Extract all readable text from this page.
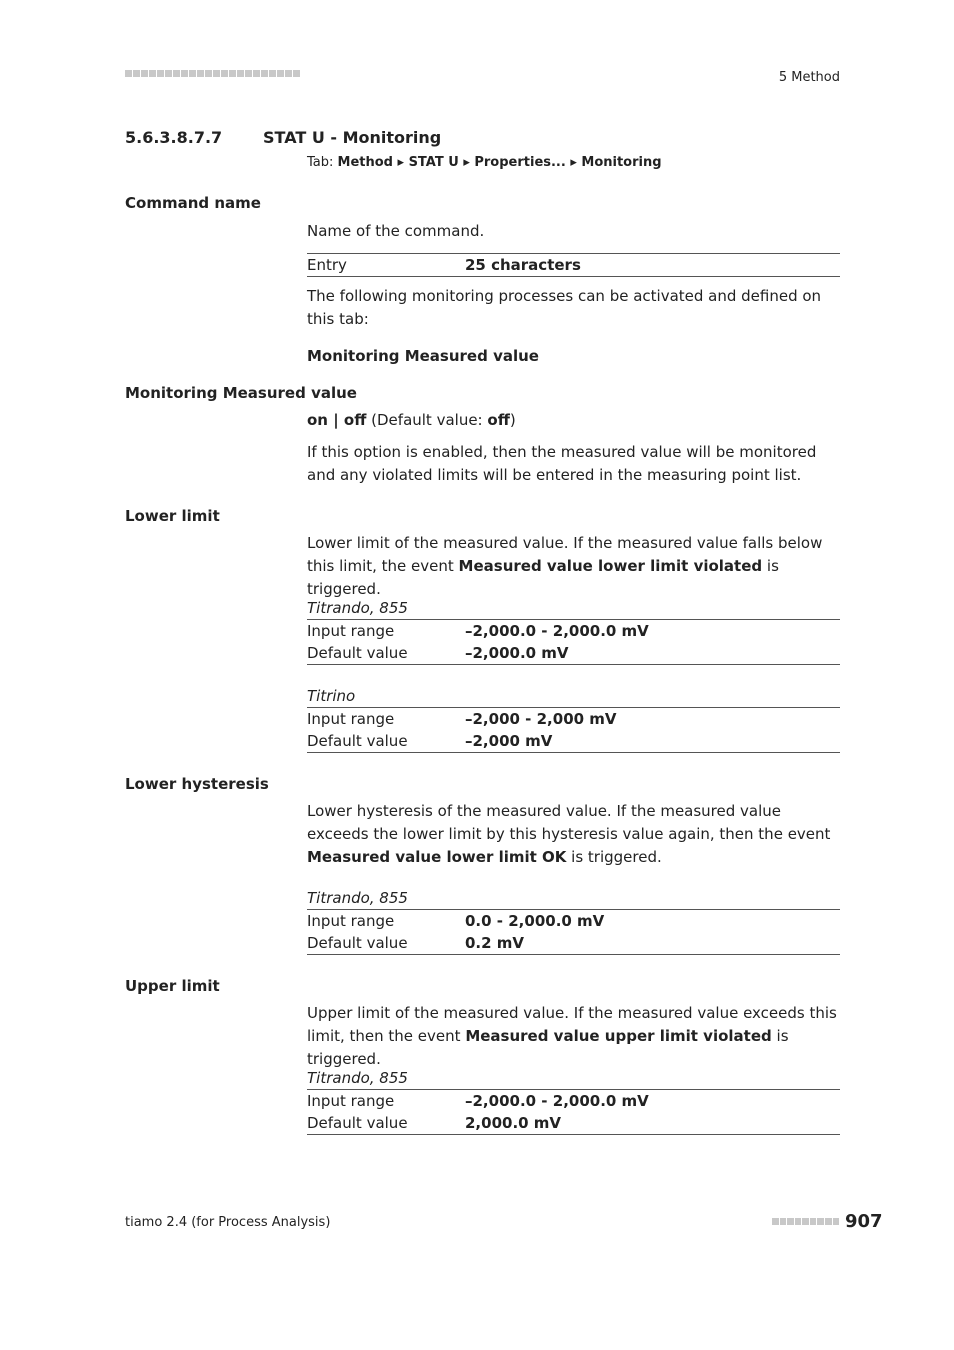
5 Method
5.6.3.8.7.7	STAT U - Monitoring
Tab: Method ▸ STAT U ▸ Properties... ▸ Monitoring
Command name
Name of the command.
Entry	25 characters
The following monitoring processes can be activated and defined on this tab:
Monitoring Measured value
Monitoring Measured value
on | off (Default value: off)
If this option is enabled, then the measured value will be monitored and any violated limits will be entered in the measuring point list.
Lower limit
Lower limit of the measured value. If the measured value falls below this limit, the event Measured value lower limit violated is triggered.
Titrando, 855
Input range	–2,000.0 - 2,000.0 mV
Default value	–2,000.0 mV
Titrino
Input range	–2,000 - 2,000 mV
Default value	–2,000 mV
Lower hysteresis
Lower hysteresis of the measured value. If the measured value exceeds the lower limit by this hysteresis value again, then the event Measured value lower limit OK is triggered.
Titrando, 855
Input range	0.0 - 2,000.0 mV
Default value	0.2 mV
Upper limit
Upper limit of the measured value. If the measured value exceeds this limit, then the event Measured value upper limit violated is triggered.
Titrando, 855
Input range	–2,000.0 - 2,000.0 mV
Default value	2,000.0 mV
tiamo 2.4 (for Process Analysis)	907
